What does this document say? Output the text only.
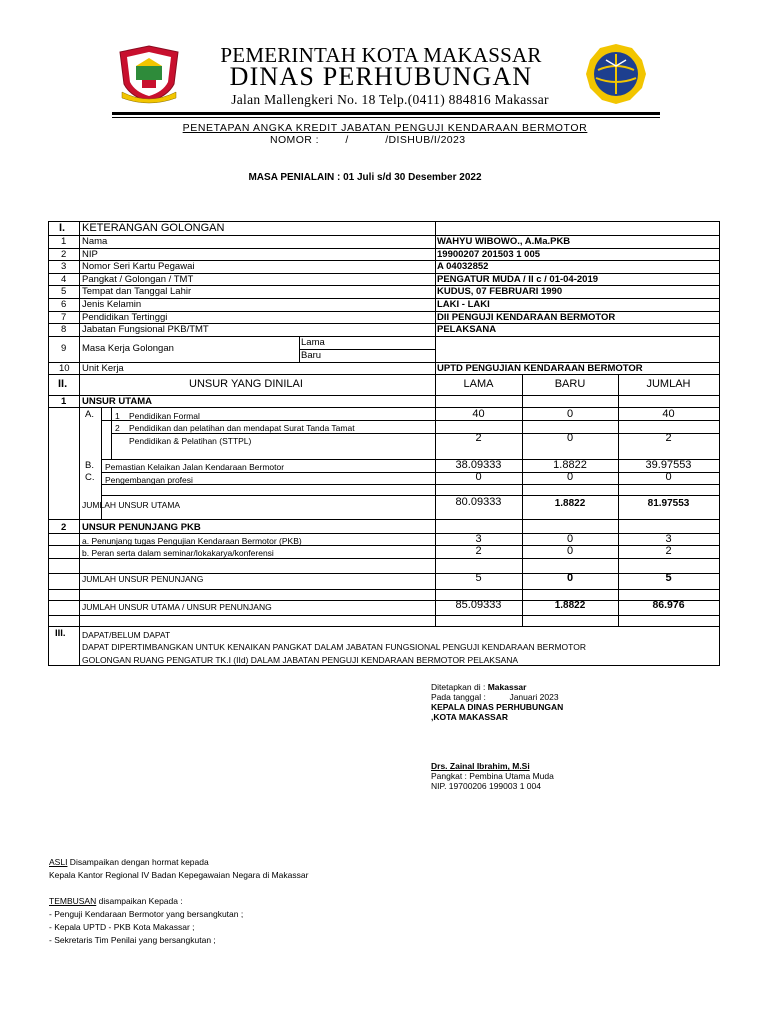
PEMERINTAH KOTA MAKASSAR
DINAS PERHUBUNGAN
Jalan Mallengkeri No. 18 Telp.(0411) 884816 Makassar
PENETAPAN ANGKA KREDIT JABATAN PENGUJI KENDARAAN BERMOTOR
NOMOR :        /           /DISHUB/I/2023
MASA PENIALAIN : 01 Juli s/d 30 Desember 2022
I. KETERANGAN GOLONGAN
1 Nama	WAHYU WIBOWO., A.Ma.PKB
2 NIP	19900207 201503 1 005
3 Nomor Seri Kartu Pegawai	A 04032852
4 Pangkat / Golongan / TMT	PENGATUR MUDA / II c / 01-04-2019
5 Tempat dan Tanggal Lahir	KUDUS, 07 FEBRUARI 1990
6 Jenis Kelamin	LAKI - LAKI
7 Pendidikan Tertinggi	DII PENGUJI KENDARAAN BERMOTOR
8 Jabatan Fungsional PKB/TMT	PELAKSANA
9 Masa Kerja Golongan
Lama
Baru
10 Unit Kerja	UPTD PENGUJIAN KENDARAAN BERMOTOR
II.	UNSUR YANG DINILAI	LAMA	BARU	JUMLAH
1 UNSUR UTAMA
A. 1 Pendidikan Formal	40	0	40
2 Pendidikan dan pelatihan dan mendapat Surat Tanda Tamat
Pendidikan & Pelatihan (STTPL)	2	0	2
B. Pemastian Kelaikan Jalan Kendaraan Bermotor	38.09333	1.8822	39.97553
C. Pengembangan profesi	0	0	0
JUMLAH UNSUR UTAMA	80.09333	1.8822	81.97553
2 UNSUR PENUNJANG PKB
a. Penunjang tugas Pengujian Kendaraan Bermotor (PKB)	3	0	3
b. Peran serta dalam seminar/lokakarya/konferensi	2	0	2
JUMLAH UNSUR PENUNJANG	5	0	5
JUMLAH UNSUR UTAMA / UNSUR PENUNJANG	85.09333	1.8822	86.976
III. DAPAT/BELUM DAPAT
DAPAT DIPERTIMBANGKAN UNTUK KENAIKAN PANGKAT DALAM JABATAN FUNGSIONAL PENGUJI KENDARAAN BERMOTOR
GOLONGAN RUANG PENGATUR TK.I (IId) DALAM JABATAN PENGUJI KENDARAAN BERMOTOR PELAKSANA
Ditetapkan di : Makassar
Pada tanggal :          Januari 2023
KEPALA DINAS PERHUBUNGAN
,KOTA MAKASSAR
Drs. Zainal Ibrahim, M.Si
Pangkat : Pembina Utama Muda
NIP. 19700206 199003 1 004
ASLI Disampaikan dengan hormat kepada
Kepala Kantor Regional IV Badan Kepegawaian Negara di Makassar
TEMBUSAN disampaikan Kepada :
- Penguji Kendaraan Bermotor yang bersangkutan ;
- Kepala UPTD - PKB Kota Makassar ;
- Sekretaris Tim Penilai yang bersangkutan ;
